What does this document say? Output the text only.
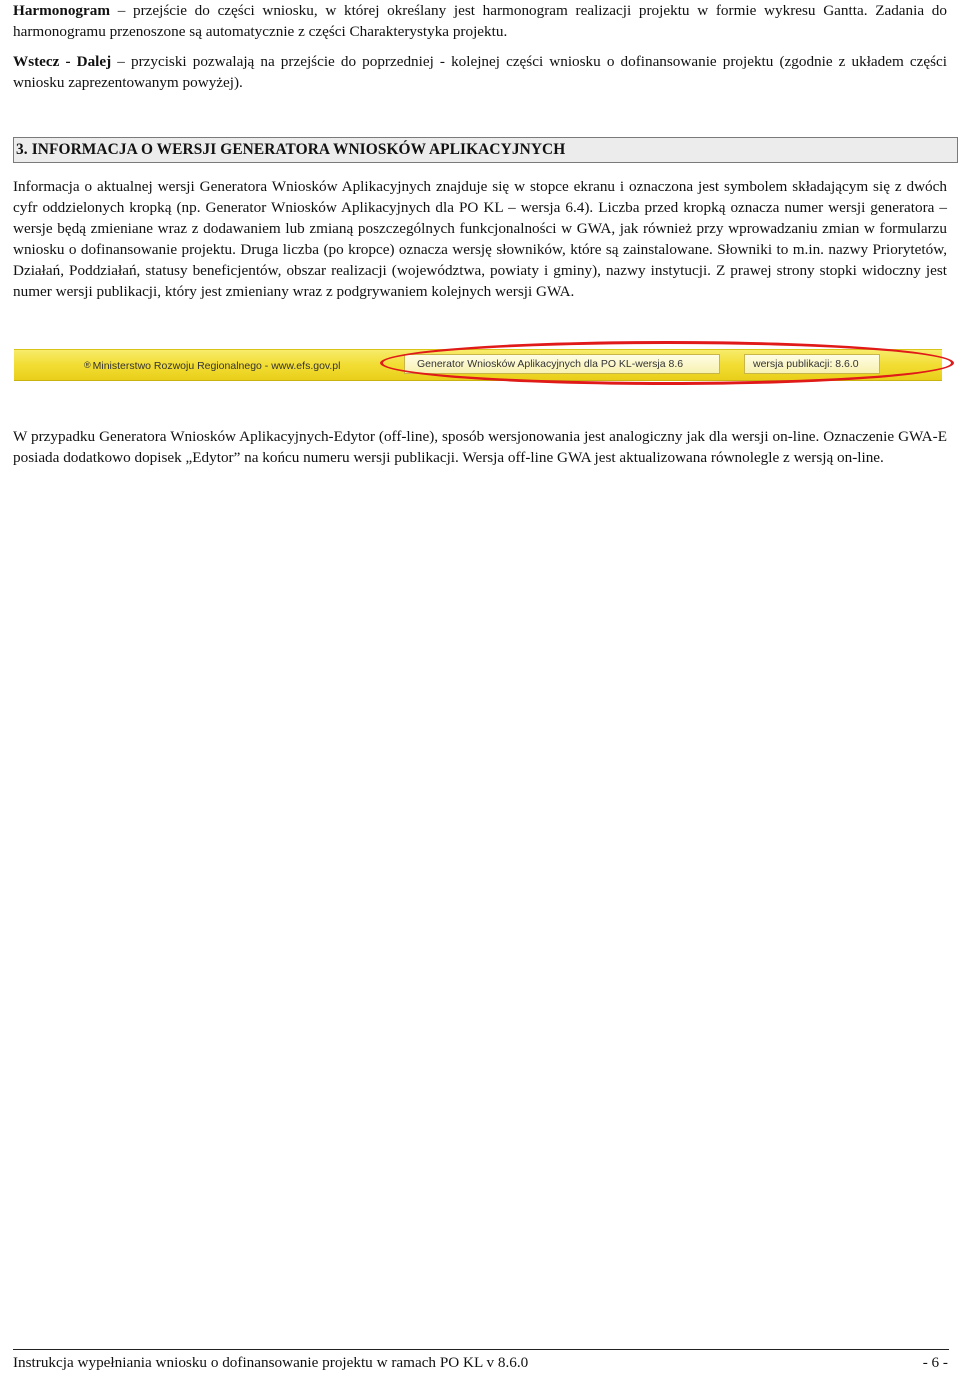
Harmonogram – przejście do części wniosku, w której określany jest harmonogram realizacji projektu w formie wykresu Gantta. Zadania do harmonogramu przenoszone są automatycznie z części Charakterystyka projektu.

Wstecz - Dalej – przyciski pozwalają na przejście do poprzedniej - kolejnej części wniosku o dofinansowanie projektu (zgodnie z układem części wniosku zaprezentowanym powyżej).

3. INFORMACJA O WERSJI GENERATORA WNIOSKÓW APLIKACYJNYCH

Informacja o aktualnej wersji Generatora Wniosków Aplikacyjnych znajduje się w stopce ekranu i oznaczona jest symbolem składającym się z dwóch cyfr oddzielonych kropką (np. Generator Wniosków Aplikacyjnych dla PO KL – wersja 6.4). Liczba przed kropką oznacza numer wersji generatora – wersje będą zmieniane wraz z dodawaniem lub zmianą poszczególnych funkcjonalności w GWA, jak również przy wprowadzaniu zmian w formularzu wniosku o dofinansowanie projektu. Druga liczba (po kropce) oznacza wersję słowników, które są zainstalowane. Słowniki to m.in. nazwy Priorytetów, Działań, Poddziałań, statusy beneficjentów, obszar realizacji (województwa, powiaty i gminy), nazwy instytucji. Z prawej strony stopki widoczny jest numer wersji publikacji, który jest zmieniany wraz z podgrywaniem kolejnych wersji GWA.

® Ministerstwo Rozwoju Regionalnego - www.efs.gov.pl	Generator Wniosków Aplikacyjnych dla PO KL-wersja 8.6	wersja publikacji: 8.6.0

W przypadku Generatora Wniosków Aplikacyjnych-Edytor (off-line), sposób wersjonowania jest analogiczny jak dla wersji on-line. Oznaczenie GWA-E posiada dodatkowo dopisek „Edytor” na końcu numeru wersji publikacji. Wersja off-line GWA jest aktualizowana równolegle z wersją on-line.

Instrukcja wypełniania wniosku o dofinansowanie projektu w ramach PO KL v 8.6.0	- 6 -
